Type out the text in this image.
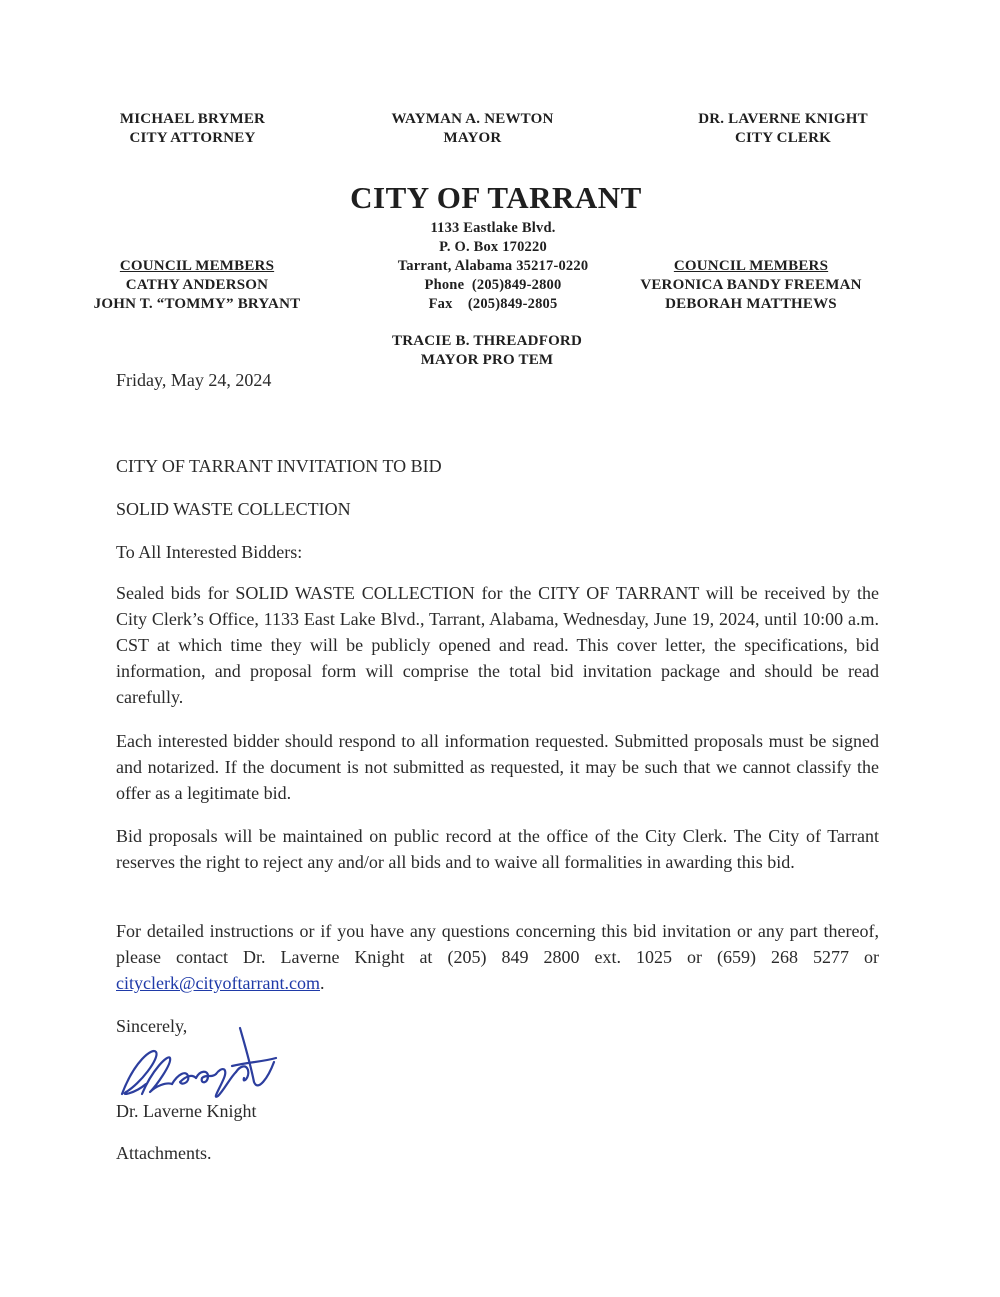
MICHAEL BRYMER
CITY ATTORNEY
WAYMAN A. NEWTON
MAYOR
DR. LAVERNE KNIGHT
CITY CLERK
CITY OF TARRANT
1133 Eastlake Blvd.
P. O. Box 170220
Tarrant, Alabama 35217-0220
Phone  (205)849-2800
Fax    (205)849-2805
COUNCIL MEMBERS
CATHY ANDERSON
JOHN T. “TOMMY” BRYANT
COUNCIL MEMBERS
VERONICA BANDY FREEMAN
DEBORAH MATTHEWS
TRACIE B. THREADFORD
MAYOR PRO TEM
Friday, May 24, 2024
CITY OF TARRANT INVITATION TO BID
SOLID WASTE COLLECTION
To All Interested Bidders:
Sealed bids for SOLID WASTE COLLECTION for the CITY OF TARRANT will be received by the City Clerk’s Office, 1133 East Lake Blvd., Tarrant, Alabama, Wednesday, June 19, 2024, until 10:00 a.m. CST at which time they will be publicly opened and read. This cover letter, the specifications, bid information, and proposal form will comprise the total bid invitation package and should be read carefully.
Each interested bidder should respond to all information requested. Submitted proposals must be signed and notarized. If the document is not submitted as requested, it may be such that we cannot classify the offer as a legitimate bid.
Bid proposals will be maintained on public record at the office of the City Clerk. The City of Tarrant reserves the right to reject any and/or all bids and to waive all formalities in awarding this bid.
For detailed instructions or if you have any questions concerning this bid invitation or any part thereof, please contact Dr. Laverne Knight at (205) 849 2800 ext. 1025 or (659) 268 5277 or cityclerk@cityoftarrant.com.
Sincerely,
Dr. Laverne Knight
Attachments.
